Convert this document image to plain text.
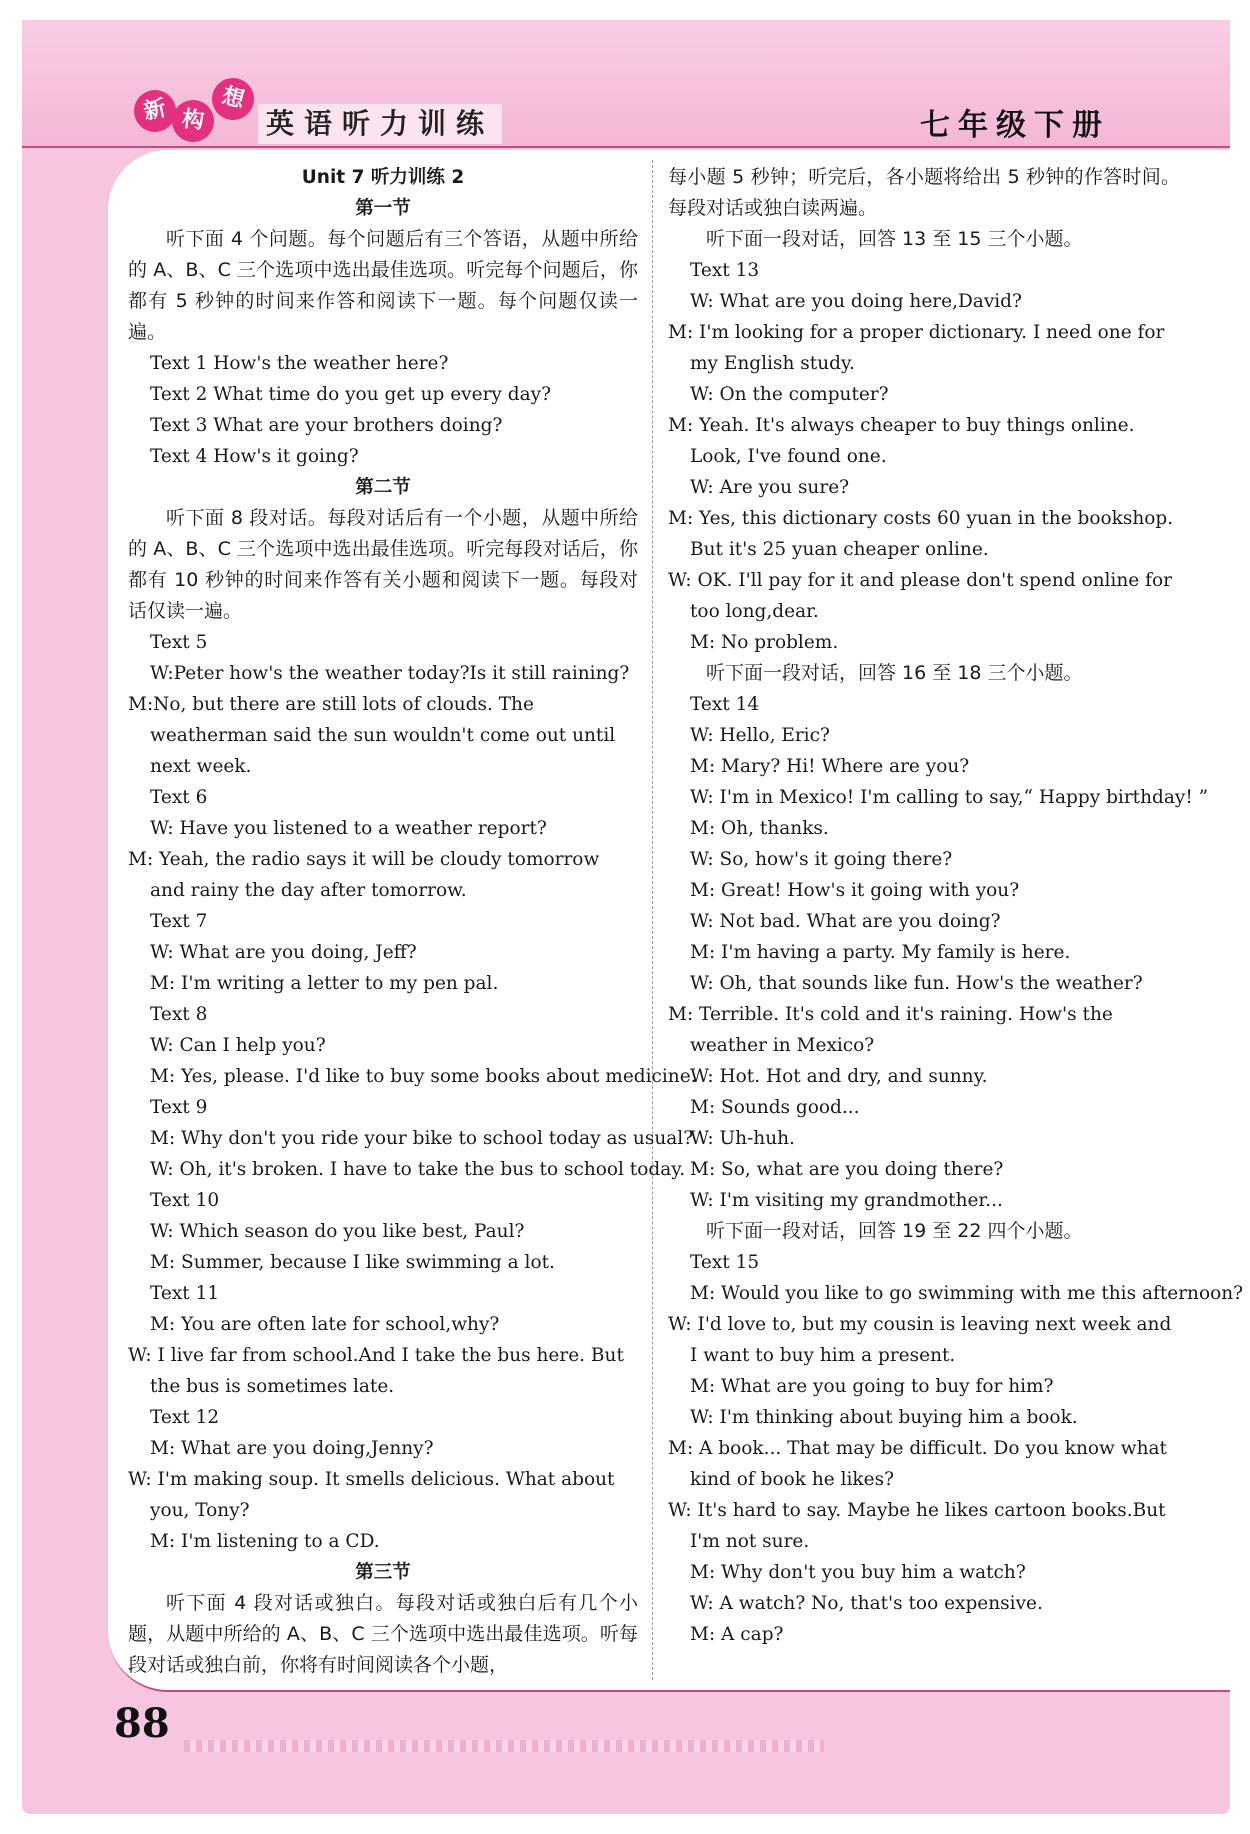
新 构
想
英语听力训练	七年级下册
Unit 7 听力训练 2
第一节
听下面 4 个问题。每个问题后有三个答语，从题中所给的 A、B、C 三个选项中选出最佳选项。听完每个问题后，你都有 5 秒钟的时间来作答和阅读下一题。每个问题仅读一遍。
Text 1 How's the weather here?
Text 2 What time do you get up every day?
Text 3 What are your brothers doing?
Text 4 How's it going?
第二节
听下面 8 段对话。每段对话后有一个小题，从题中所给的 A、B、C 三个选项中选出最佳选项。听完每段对话后，你都有 10 秒钟的时间来作答有关小题和阅读下一题。每段对话仅读一遍。
Text 5
W:Peter how's the weather today?Is it still raining?
M:No, but there are still lots of clouds. The weatherman said the sun wouldn't come out until next week.
Text 6
W: Have you listened to a weather report?
M: Yeah, the radio says it will be cloudy tomorrow and rainy the day after tomorrow.
Text 7
W: What are you doing, Jeff?
M: I'm writing a letter to my pen pal.
Text 8
W: Can I help you?
M: Yes, please. I'd like to buy some books about medicine.
Text 9
M: Why don't you ride your bike to school today as usual?
W: Oh, it's broken. I have to take the bus to school today.
Text 10
W: Which season do you like best, Paul?
M: Summer, because I like swimming a lot.
Text 11
M: You are often late for school,why?
W: I live far from school.And I take the bus here. But the bus is sometimes late.
Text 12
M: What are you doing,Jenny?
W: I'm making soup. It smells delicious. What about you, Tony?
M: I'm listening to a CD.
第三节
听下面 4 段对话或独白。每段对话或独白后有几个小题，从题中所给的 A、B、C 三个选项中选出最佳选项。听每段对话或独白前，你将有时间阅读各个小题，
每小题 5 秒钟；听完后，各小题将给出 5 秒钟的作答时间。每段对话或独白读两遍。
听下面一段对话，回答 13 至 15 三个小题。
Text 13
W: What are you doing here,David?
M: I'm looking for a proper dictionary. I need one for my English study.
W: On the computer?
M: Yeah. It's always cheaper to buy things online. Look, I've found one.
W: Are you sure?
M: Yes, this dictionary costs 60 yuan in the bookshop. But it's 25 yuan cheaper online.
W: OK. I'll pay for it and please don't spend online for too long,dear.
M: No problem.
听下面一段对话，回答 16 至 18 三个小题。
Text 14
W: Hello, Eric?
M: Mary? Hi! Where are you?
W: I'm in Mexico! I'm calling to say,“ Happy birthday! ”
M: Oh, thanks.
W: So, how's it going there?
M: Great! How's it going with you?
W: Not bad. What are you doing?
M: I'm having a party. My family is here.
W: Oh, that sounds like fun. How's the weather?
M: Terrible. It's cold and it's raining. How's the weather in Mexico?
W: Hot. Hot and dry, and sunny.
M: Sounds good...
W: Uh-huh.
M: So, what are you doing there?
W: I'm visiting my grandmother...
听下面一段对话，回答 19 至 22 四个小题。
Text 15
M: Would you like to go swimming with me this afternoon?
W: I'd love to, but my cousin is leaving next week and I want to buy him a present.
M: What are you going to buy for him?
W: I'm thinking about buying him a book.
M: A book... That may be difficult. Do you know what kind of book he likes?
W: It's hard to say. Maybe he likes cartoon books.But I'm not sure.
M: Why don't you buy him a watch?
W: A watch? No, that's too expensive.
M: A cap?
88
